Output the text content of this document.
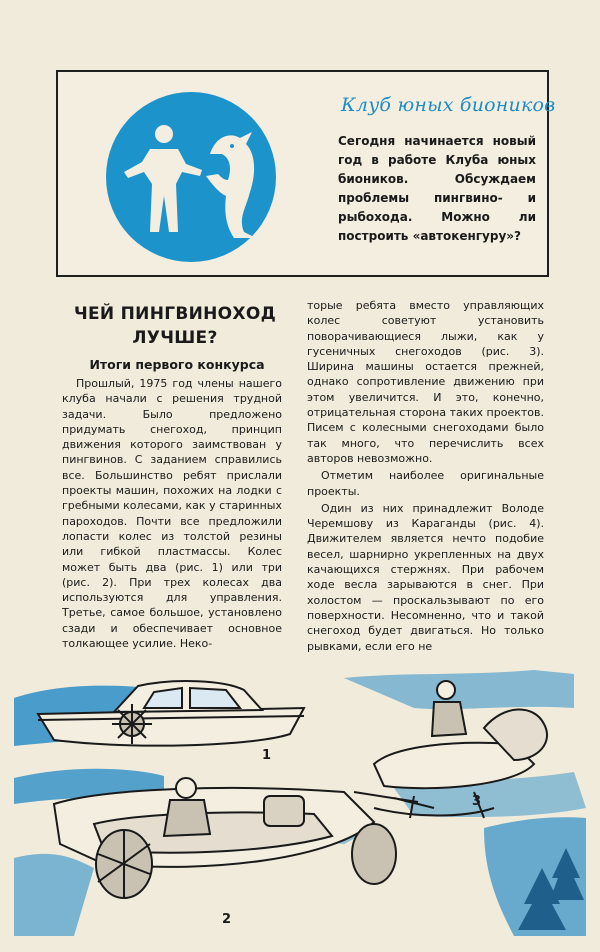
Клуб юных биоников
Сегодня начинается новый год в работе Клуба юных биоников. Обсуждаем проблемы пингвино- и рыбохода. Можно ли построить «автокенгуру»?
ЧЕЙ ПИНГВИНОХОД
ЛУЧШЕ?
Итоги первого конкурса

Прошлый, 1975 год члены нашего клуба начали с решения трудной задачи. Было предложено придумать снегоход, принцип движения которого заимствован у пингвинов. С заданием справились все. Большинство ребят прислали проекты машин, похожих на лодки с гребными колесами, как у старинных пароходов. Почти все предложили лопасти колес из толстой резины или гибкой пластмассы. Колес может быть два (рис. 1) или три (рис. 2). При трех колесах два используются для управления. Третье, самое большое, установлено сзади и обеспечивает основное толкающее усилие. Неко-

торые ребята вместо управляющих колес советуют установить поворачивающиеся лыжи, как у гусеничных снегоходов (рис. 3). Ширина машины остается прежней, однако сопротивление движению при этом увеличится. И это, конечно, отрицательная сторона таких проектов. Писем с колесными снегоходами было так много, что перечислить всех авторов невозможно.

Отметим наиболее оригинальные проекты.

Один из них принадлежит Володе Черемшову из Караганды (рис. 4). Движителем является нечто подобие весел, шарнирно укрепленных на двух качающихся стержнях. При рабочем ходе весла зарываются в снег. При холостом — проскальзывают по его поверхности. Несомненно, что и такой снегоход будет двигаться. Но только рывками, если его не

1
2
3
